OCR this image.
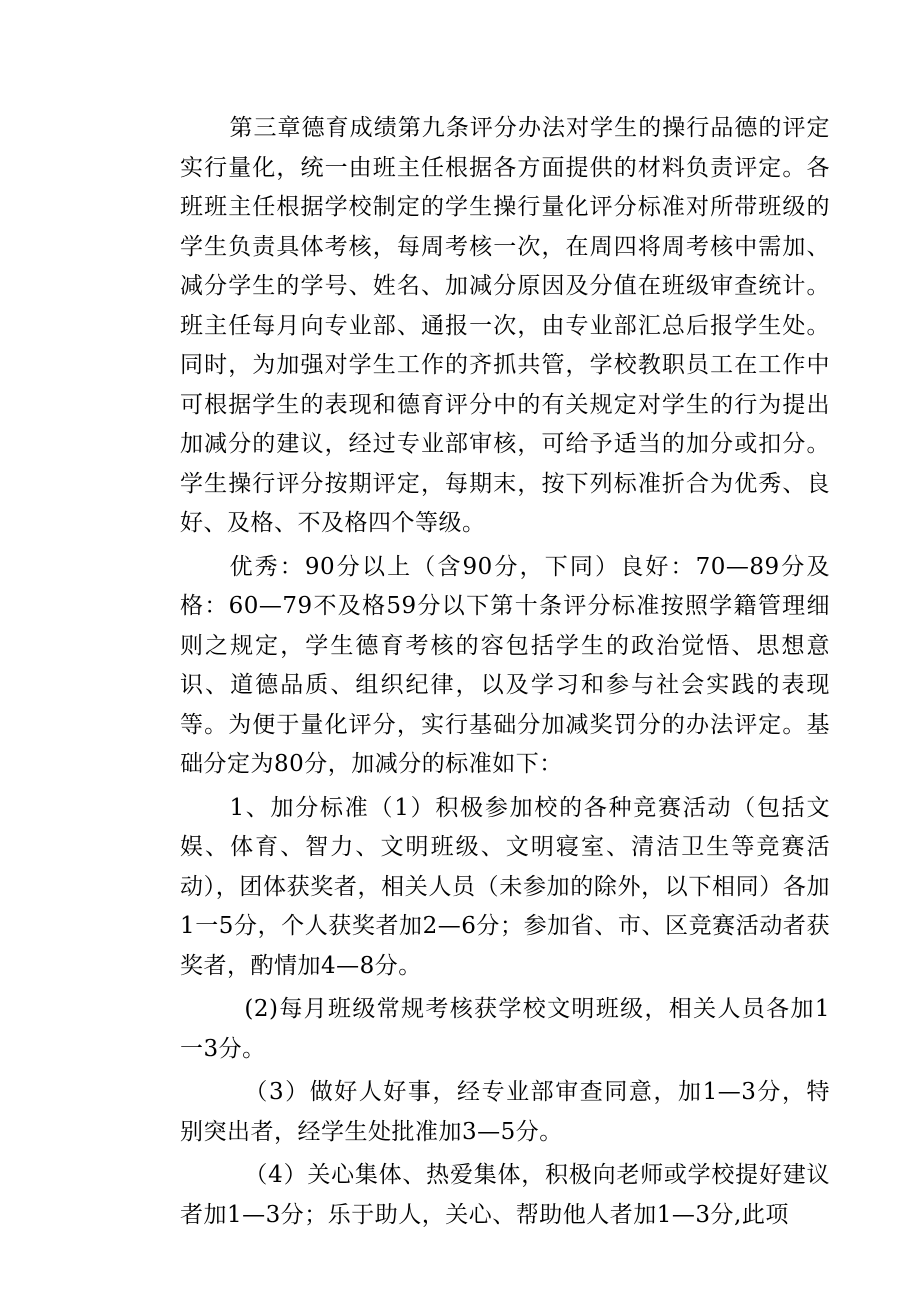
第三章德育成绩第九条评分办法对学生的操行品德的评定实行量化，统一由班主任根据各方面提供的材料负责评定。各班班主任根据学校制定的学生操行量化评分标准对所带班级的学生负责具体考核，每周考核一次，在周四将周考核中需加、减分学生的学号、姓名、加减分原因及分值在班级审查统计。班主任每月向专业部、通报一次，由专业部汇总后报学生处。同时，为加强对学生工作的齐抓共管，学校教职员工在工作中可根据学生的表现和德育评分中的有关规定对学生的行为提出加减分的建议，经过专业部审核，可给予适当的加分或扣分。学生操行评分按期评定，每期末，按下列标准折合为优秀、良好、及格、不及格四个等级。

优秀：90分以上（含90分，下同）良好：70—89分及格：60—79不及格59分以下第十条评分标准按照学籍管理细则之规定，学生德育考核的容包括学生的政治觉悟、思想意识、道德品质、组织纪律，以及学习和参与社会实践的表现等。为便于量化评分，实行基础分加减奖罚分的办法评定。基础分定为80分，加减分的标准如下：

1、加分标准（1）积极参加校的各种竞赛活动（包括文娱、体育、智力、文明班级、文明寝室、清洁卫生等竞赛活动），团体获奖者，相关人员（未参加的除外，以下相同）各加1一5分，个人获奖者加2—6分；参加省、市、区竞赛活动者获奖者，酌情加4—8分。

(2)每月班级常规考核获学校文明班级，相关人员各加1一3分。

（3）做好人好事，经专业部审查同意，加1—3分，特别突出者，经学生处批准加3—5分。

（4）关心集体、热爱集体，积极向老师或学校提好建议者加1—3分；乐于助人，关心、帮助他人者加1—3分,此项
